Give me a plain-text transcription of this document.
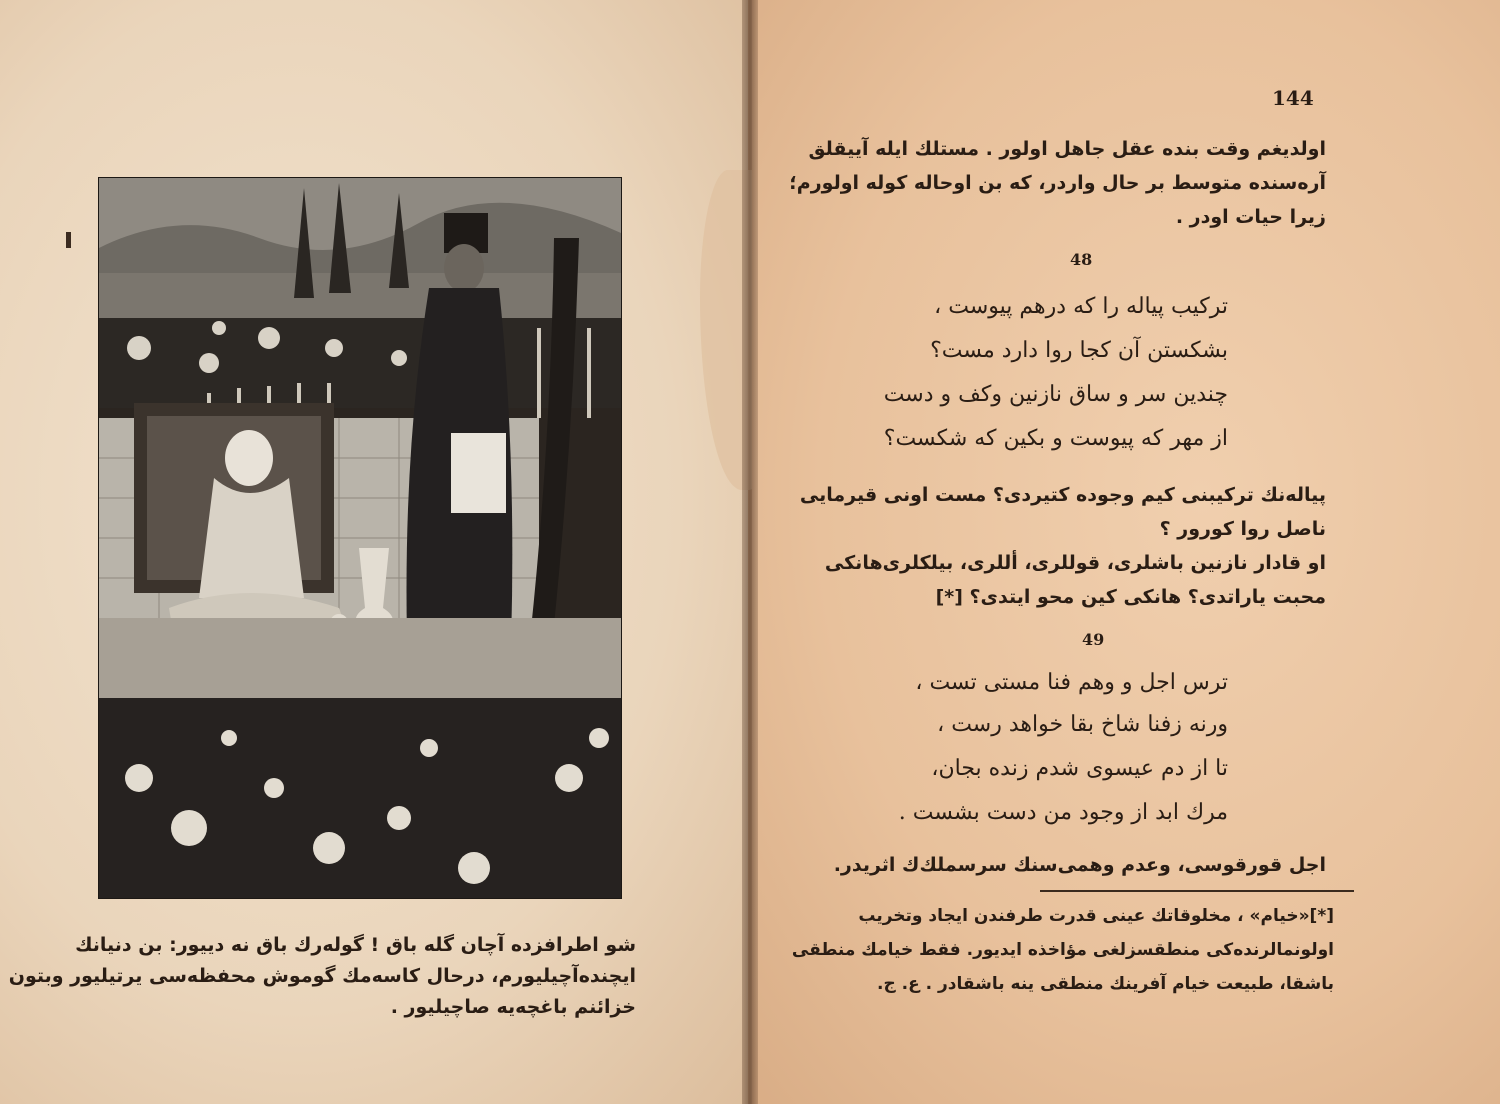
شو اطرافزده آچان گله باق ! گوله‌رك باق نه دیيور: بن دنيانك
ايچنده‌آچيليورم، درحال كاسه‌مك گوموش محفظه‌سى يرتيليور وبتون
خزائنم باغچه‌يه صاچيليور .
144
اولديغم وقت بنده عقل جاهل اولور . مستلك ايله آييقلق
آره‌سنده متوسط بر حال واردر، كه بن اوحاله كوله اولورم؛
زيرا حيات اودر .
48
تركيب پياله را كه درهم پيوست ،
بشكستن آن كجا روا دارد مست؟
چندين سر و ساق نازنين وكف و دست
از مهر كه پيوست و بكين كه شكست؟
پياله‌نك تركيبنى كيم وجوده كتيردى؟ مست اونى قيرمايى
ناصل روا كورور ؟
او قادار نازنين باشلرى، قوللرى، أللرى، بيلكلرى‌هانكى
محبت ياراتدى؟ هانكى كين محو ايتدى؟ [*]
49
ترس اجل و وهم فنا مستى تست ،
ورنه زفنا شاخ بقا خواهد رست ،
تا از دم عيسوى شدم زنده بجان،
مرك ابد از وجود من دست بشست .
اجل قورقوسى، وعدم وهمى‌سنك سرسملك‌ك اثريدر.
[*]«خيام» ، مخلوقاتك عينى قدرت طرفندن ايجاد وتخريب
اولونمالرنده‌كى منطقسزلغى مؤاخذه ايديور. فقط خيامك منطقى
باشقا، طبيعت خيام آفرينك منطقى ينه باشقادر . ع. ج.
